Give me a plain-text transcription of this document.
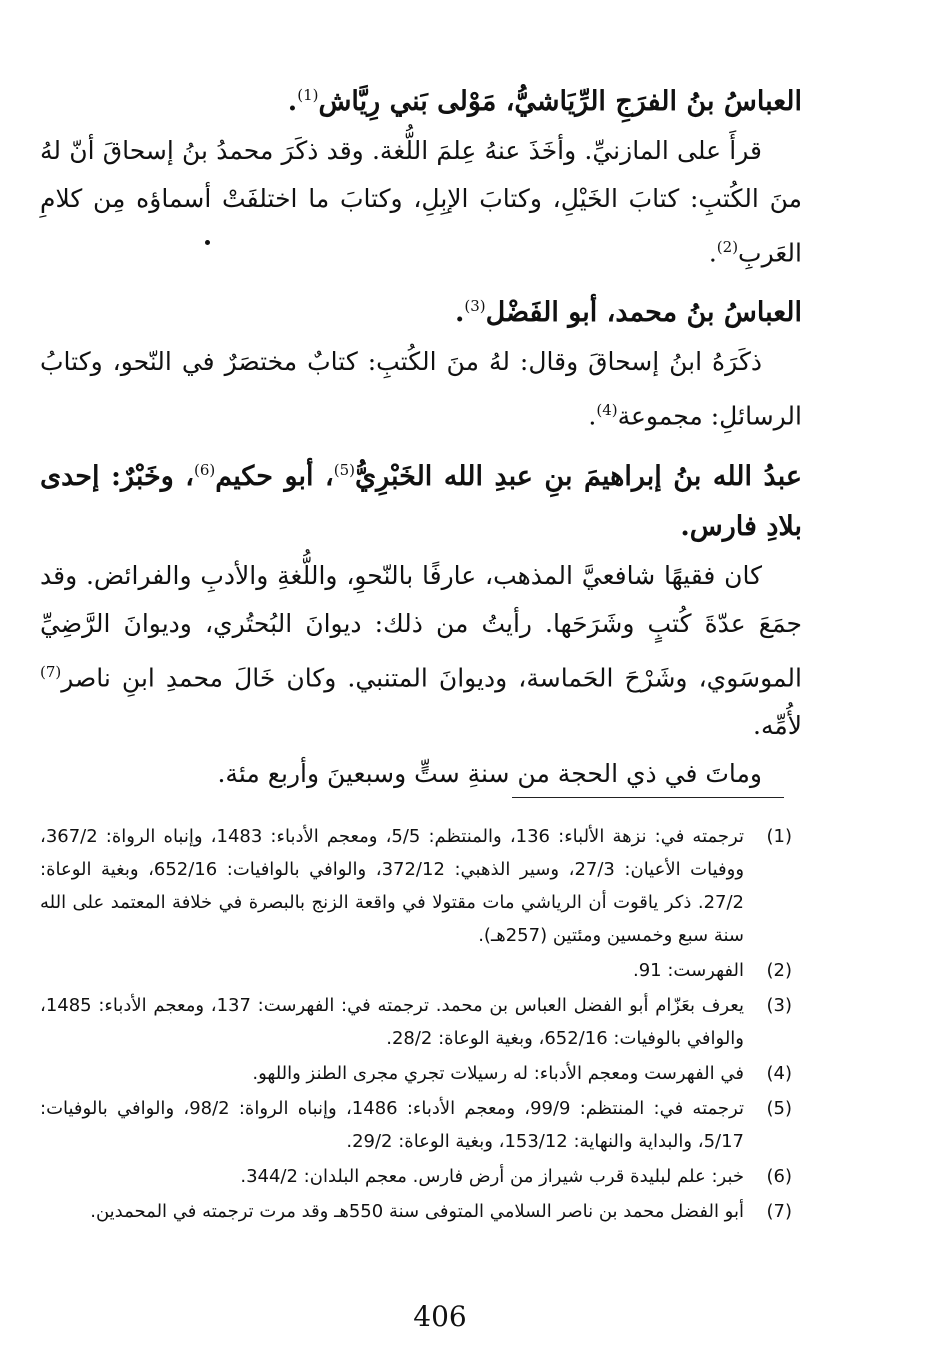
العباسُ بنُ الفرَجِ الرِّيَاشيُّ، مَوْلى بَني رِيَّاش$^{(1)}$.

قرأَ على المازنيِّ. وأخَذَ عنهُ عِلمَ اللُّغة. وقد ذكَرَ محمدُ بنُ إسحاقَ أنّ لهُ منَ الكُتبِ: كتابَ الخَيْلِ، وكتابَ الإبِلِ، وكتابَ ما اختلفَتْ أسماؤه مِن كلامِ العَربِ$^{(2)}$.

العباسُ بنُ محمد، أبو الفَضْل$^{(3)}$.

ذكَرَهُ ابنُ إسحاقَ وقال: لهُ منَ الكُتبِ: كتابٌ مختصَرٌ في النّحو، وكتابُ الرسائلِ: مجموعة$^{(4)}$.

عبدُ الله بنُ إبراهيمَ بنِ عبدِ الله الخَبْرِيُّ$^{(5)}$، أبو حكيم$^{(6)}$، وخَبْرٌ: إحدى بلادِ فارس.

كان فقيهًا شافعيَّ المذهب، عارفًا بالنّحوِ، واللُّغةِ والأدبِ والفرائض. وقد جمَعَ عدّةَ كُتبٍ وشَرَحَها. رأيتُ من ذلك: ديوانَ البُحتُري، وديوانَ الرَّضِيِّ الموسَوي، وشَرْحَ الحَماسة، وديوانَ المتنبي. وكان خَالَ محمدِ ابنِ ناصر$^{(7)}$ لأُمِّه.

وماتَ في ذي الحجة من سنةِ ستٍّ وسبعينَ وأربع مئة.

(1)
ترجمته في: نزهة الألباء: 136، والمنتظم: 5/5، ومعجم الأدباء: 1483، وإنباه الرواة: 367/2، ووفيات الأعيان: 27/3، وسير الذهبي: 372/12، والوافي بالوافيات: 652/16، وبغية الوعاة: 27/2. ذكر ياقوت أن الرياشي مات مقتولا في واقعة الزنج بالبصرة في خلافة المعتمد على الله سنة سبع وخمسين ومئتين (257هـ).
(2)
الفهرست: 91.
(3)
يعرف بعَزّام أبو الفضل العباس بن محمد. ترجمته في: الفهرست: 137، ومعجم الأدباء: 1485، والوافي بالوفيات: 652/16، وبغية الوعاة: 28/2.
(4)
في الفهرست ومعجم الأدباء: له رسيلات تجري مجرى الطنز واللهو.
(5)
ترجمته في: المنتظم: 99/9، ومعجم الأدباء: 1486، وإنباه الرواة: 98/2، والوافي بالوفيات: 5/17، والبداية والنهاية: 153/12، وبغية الوعاة: 29/2.
(6)
خبر: علم لبليدة قرب شيراز من أرض فارس. معجم البلدان: 344/2.
(7)
أبو الفضل محمد بن ناصر السلامي المتوفى سنة 550هـ وقد مرت ترجمته في المحمدين.
406
